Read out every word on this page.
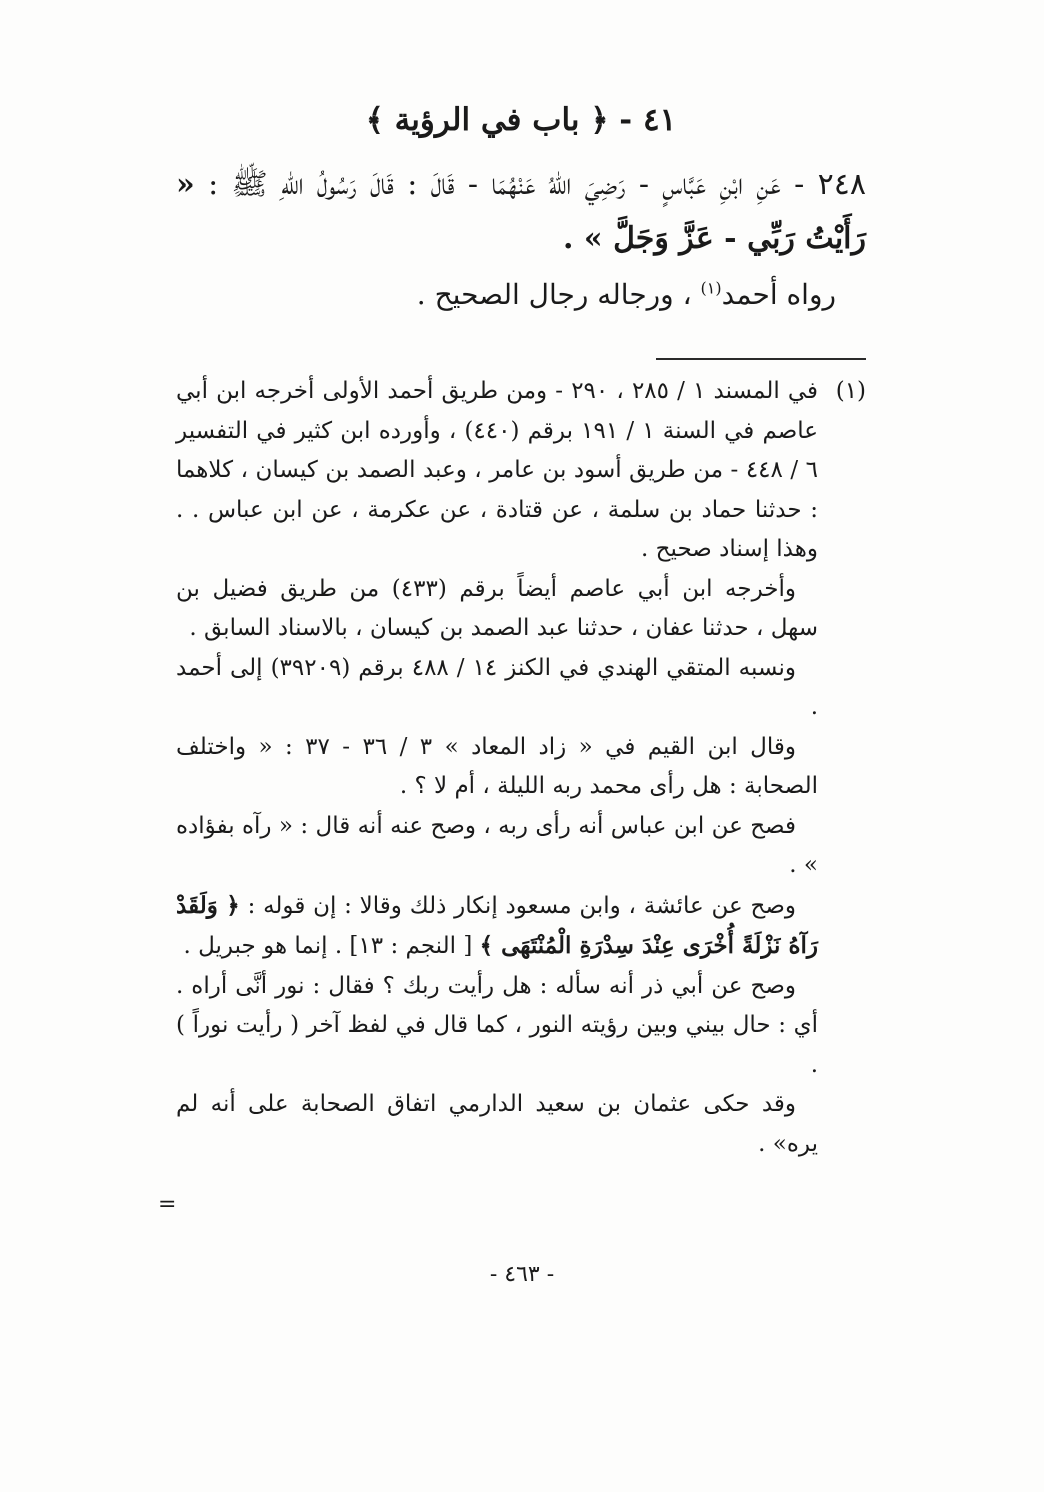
٤١ - ﴿ باب في الرؤية ﴾

٢٤٨ - عَنِ ابْنِ عَبَّاسٍ - رَضِيَ اللهُ عَنْهُمَا - قَالَ : قَالَ رَسُولُ اللهِ ﷺ : « رَأَيْتُ رَبِّي - عَزَّ وَجَلَّ » .

رواه أحمد$^{(١)}$ ، ورجاله رجال الصحيح .

(١)في المسند ١ / ٢٨٥ ، ٢٩٠ - ومن طريق أحمد الأولى أخرجه ابن أبي عاصم في السنة ١ / ١٩١ برقم (٤٤٠) ، وأورده ابن كثير في التفسير ٦ / ٤٤٨ - من طريق أسود بن عامر ، وعبد الصمد بن كيسان ، كلاهما : حدثنا حماد بن سلمة ، عن قتادة ، عن عكرمة ، عن ابن عباس . . وهذا إسناد صحيح .

وأخرجه ابن أبي عاصم أيضاً برقم (٤٣٣) من طريق فضيل بن سهل ، حدثنا عفان ، حدثنا عبد الصمد بن كيسان ، بالاسناد السابق .

ونسبه المتقي الهندي في الكنز ١٤ / ٤٨٨ برقم (٣٩٢٠٩) إلى أحمد .

وقال ابن القيم في « زاد المعاد » ٣ / ٣٦ - ٣٧ : « واختلف الصحابة : هل رأى محمد ربه الليلة ، أم لا ؟ .

فصح عن ابن عباس أنه رأى ربه ، وصح عنه أنه قال : « رآه بفؤاده » .

وصح عن عائشة ، وابن مسعود إنكار ذلك وقالا : إن قوله : ﴿ وَلَقَدْ رَآهُ نَزْلَةً أُخْرَى عِنْدَ سِدْرَةِ الْمُنْتَهَى ﴾ [ النجم : ١٣] . إنما هو جبريل .

وصح عن أبي ذر أنه سأله : هل رأيت ربك ؟ فقال : نور أنَّى أراه . أي : حال بيني وبين رؤيته النور ، كما قال في لفظ آخر ( رأيت نوراً ) .

وقد حكى عثمان بن سعيد الدارمي اتفاق الصحابة على أنه لم يره» .

=
- ٤٦٣ -
